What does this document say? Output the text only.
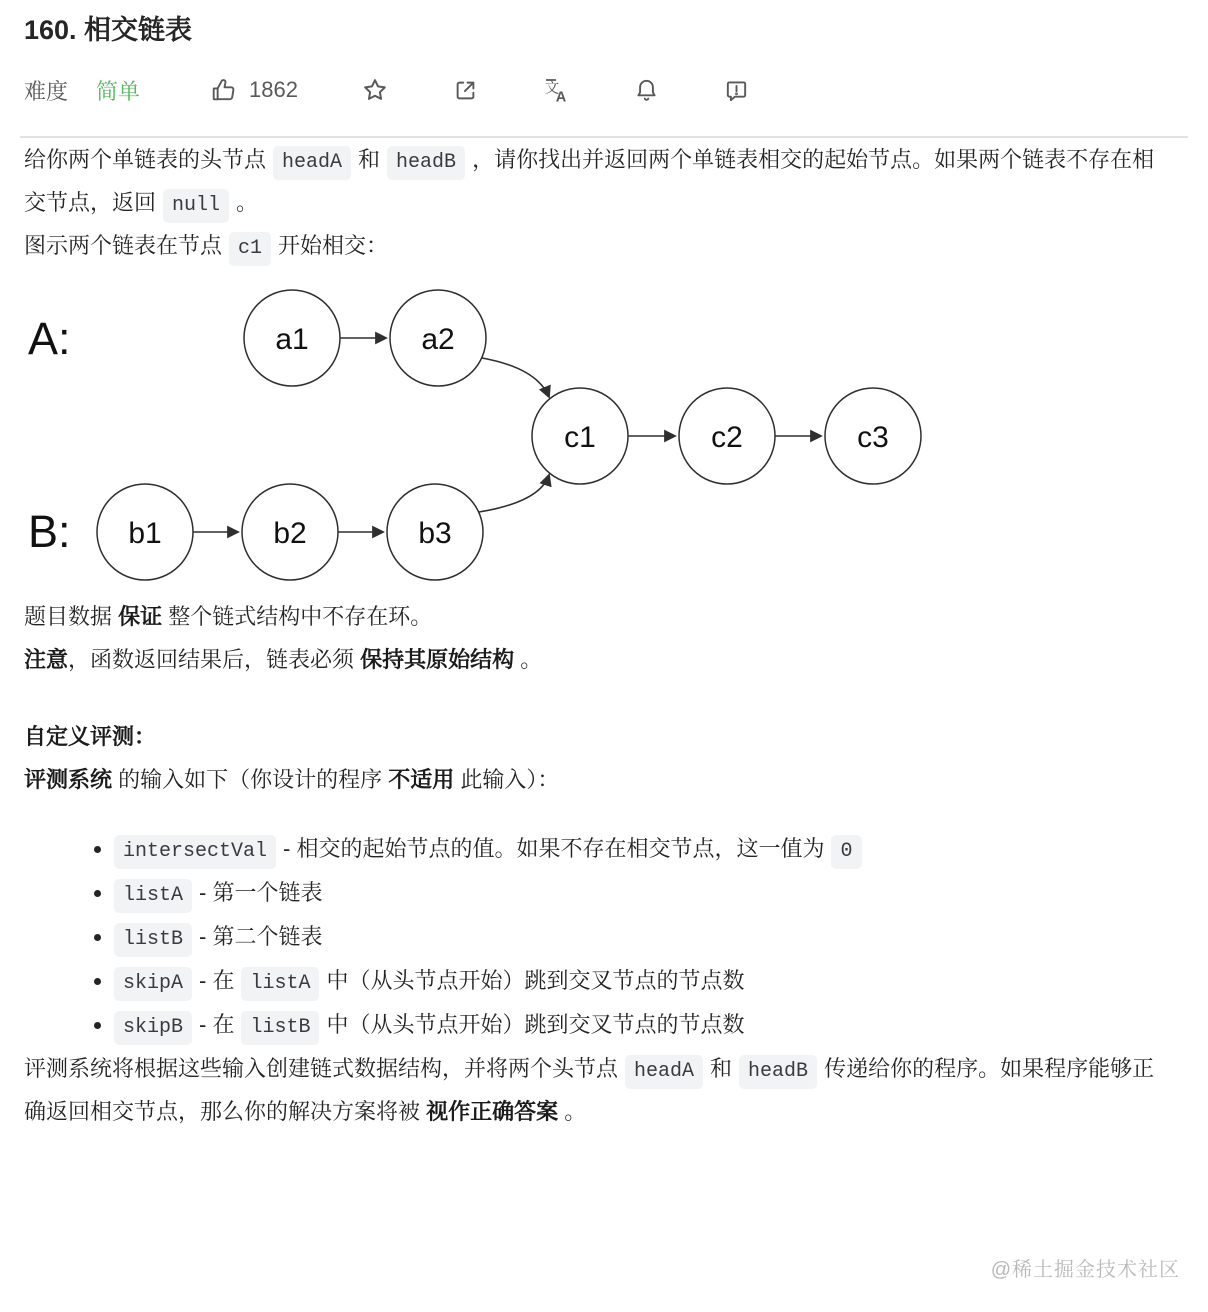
160. 相交链表
难度 简单	1862	文
A

给你两个单链表的头节点 headA 和 headB ，请你找出并返回两个单链表相交的起始节点。如果两个链表不存在相交节点，返回 null 。

图示两个链表在节点 c1 开始相交：

A:
B:
a1	a2
c1	c2	c3
b1	b2	b3

题目数据 保证 整个链式结构中不存在环。

注意，函数返回结果后，链表必须 保持其原始结构 。

自定义评测：

评测系统 的输入如下（你设计的程序 不适用 此输入）：

• intersectVal - 相交的起始节点的值。如果不存在相交节点，这一值为 0
• listA - 第一个链表
• listB - 第二个链表
• skipA - 在 listA 中（从头节点开始）跳到交叉节点的节点数
• skipB - 在 listB 中（从头节点开始）跳到交叉节点的节点数

评测系统将根据这些输入创建链式数据结构，并将两个头节点 headA 和 headB 传递给你的程序。如果程序能够正确返回相交节点，那么你的解决方案将被 视作正确答案 。

@稀土掘金技术社区
